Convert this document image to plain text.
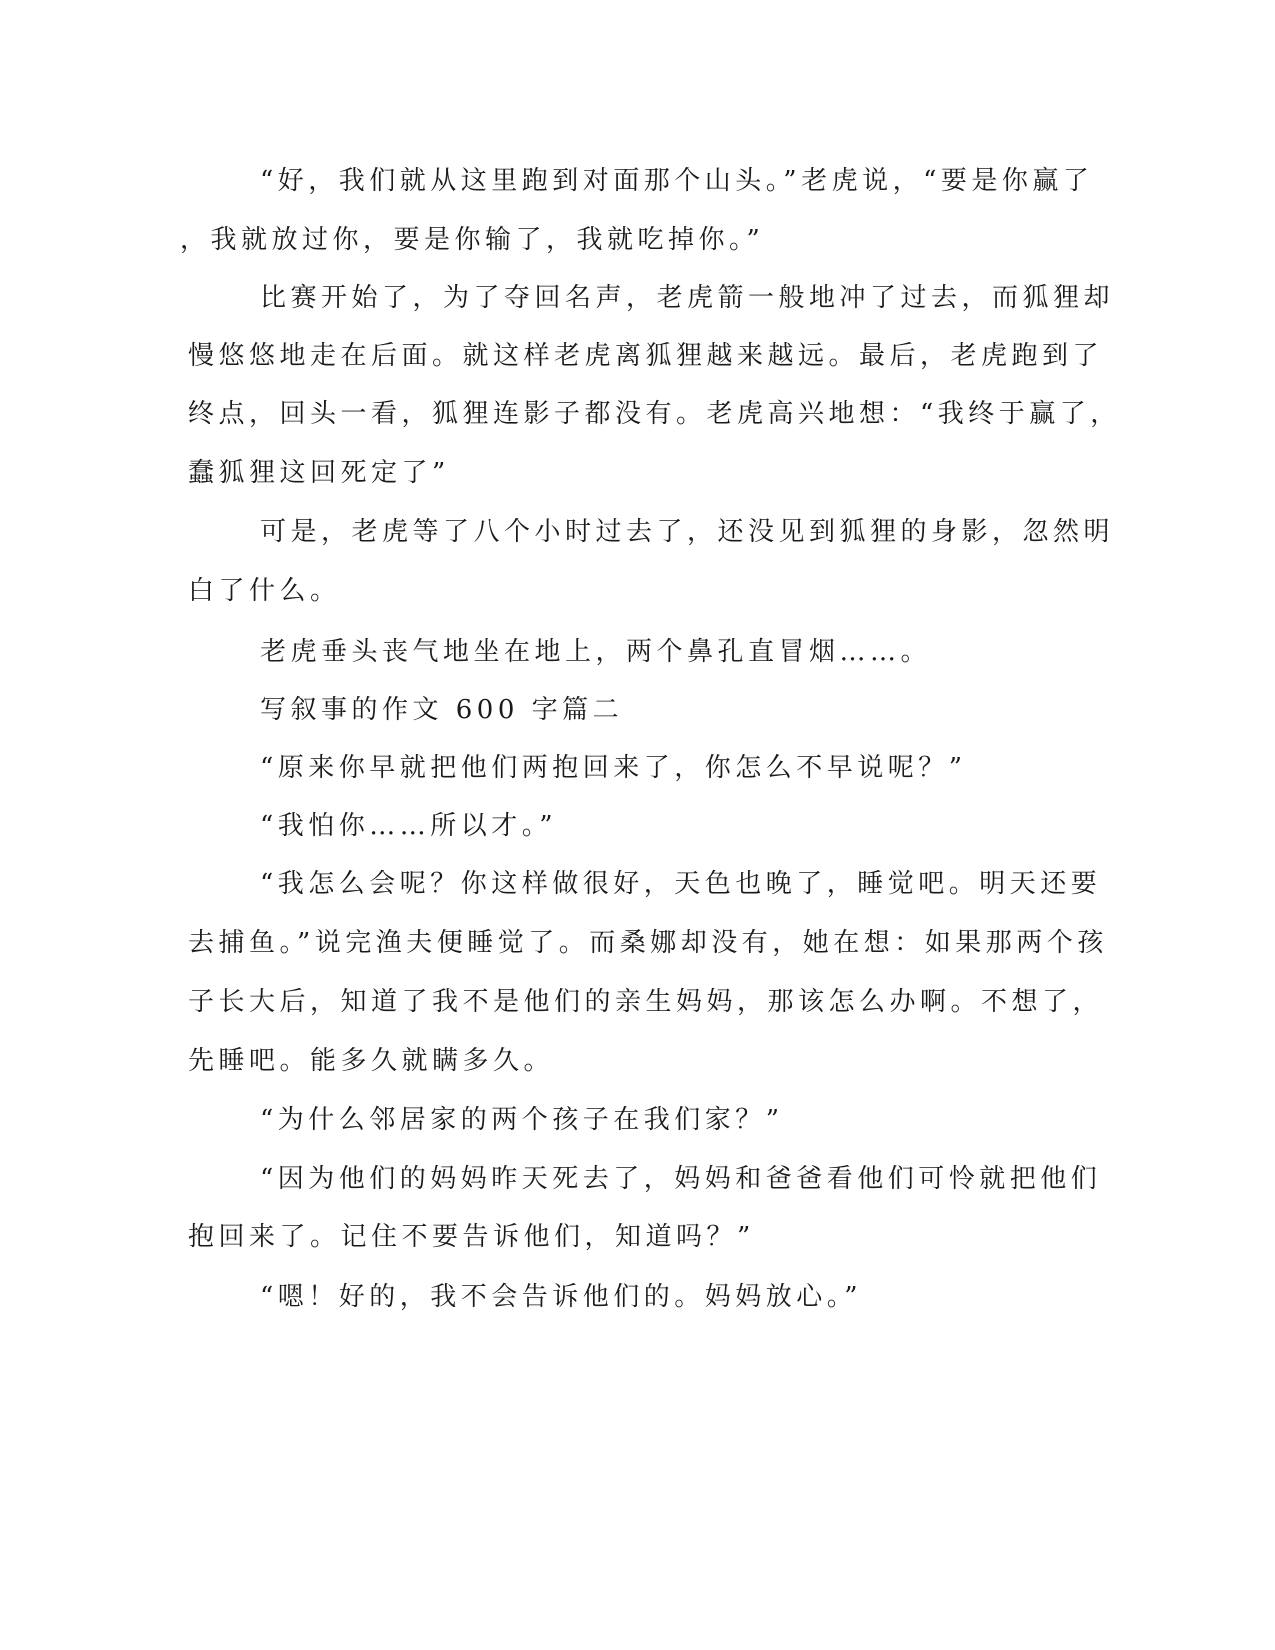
“好，我们就从这里跑到对面那个山头。”老虎说，“要是你赢了
，我就放过你，要是你输了，我就吃掉你。”
比赛开始了，为了夺回名声，老虎箭一般地冲了过去，而狐狸却
慢悠悠地走在后面。就这样老虎离狐狸越来越远。最后，老虎跑到了
终点，回头一看，狐狸连影子都没有。老虎高兴地想：“我终于赢了，
蠢狐狸这回死定了”
可是，老虎等了八个小时过去了，还没见到狐狸的身影，忽然明
白了什么。
老虎垂头丧气地坐在地上，两个鼻孔直冒烟……。
写叙事的作文 600 字篇二
“原来你早就把他们两抱回来了，你怎么不早说呢？”
“我怕你……所以才。”
“我怎么会呢？你这样做很好，天色也晚了，睡觉吧。明天还要
去捕鱼。”说完渔夫便睡觉了。而桑娜却没有，她在想：如果那两个孩
子长大后，知道了我不是他们的亲生妈妈，那该怎么办啊。不想了，
先睡吧。能多久就瞒多久。
“为什么邻居家的两个孩子在我们家？”
“因为他们的妈妈昨天死去了，妈妈和爸爸看他们可怜就把他们
抱回来了。记住不要告诉他们，知道吗？”
“嗯！好的，我不会告诉他们的。妈妈放心。”
